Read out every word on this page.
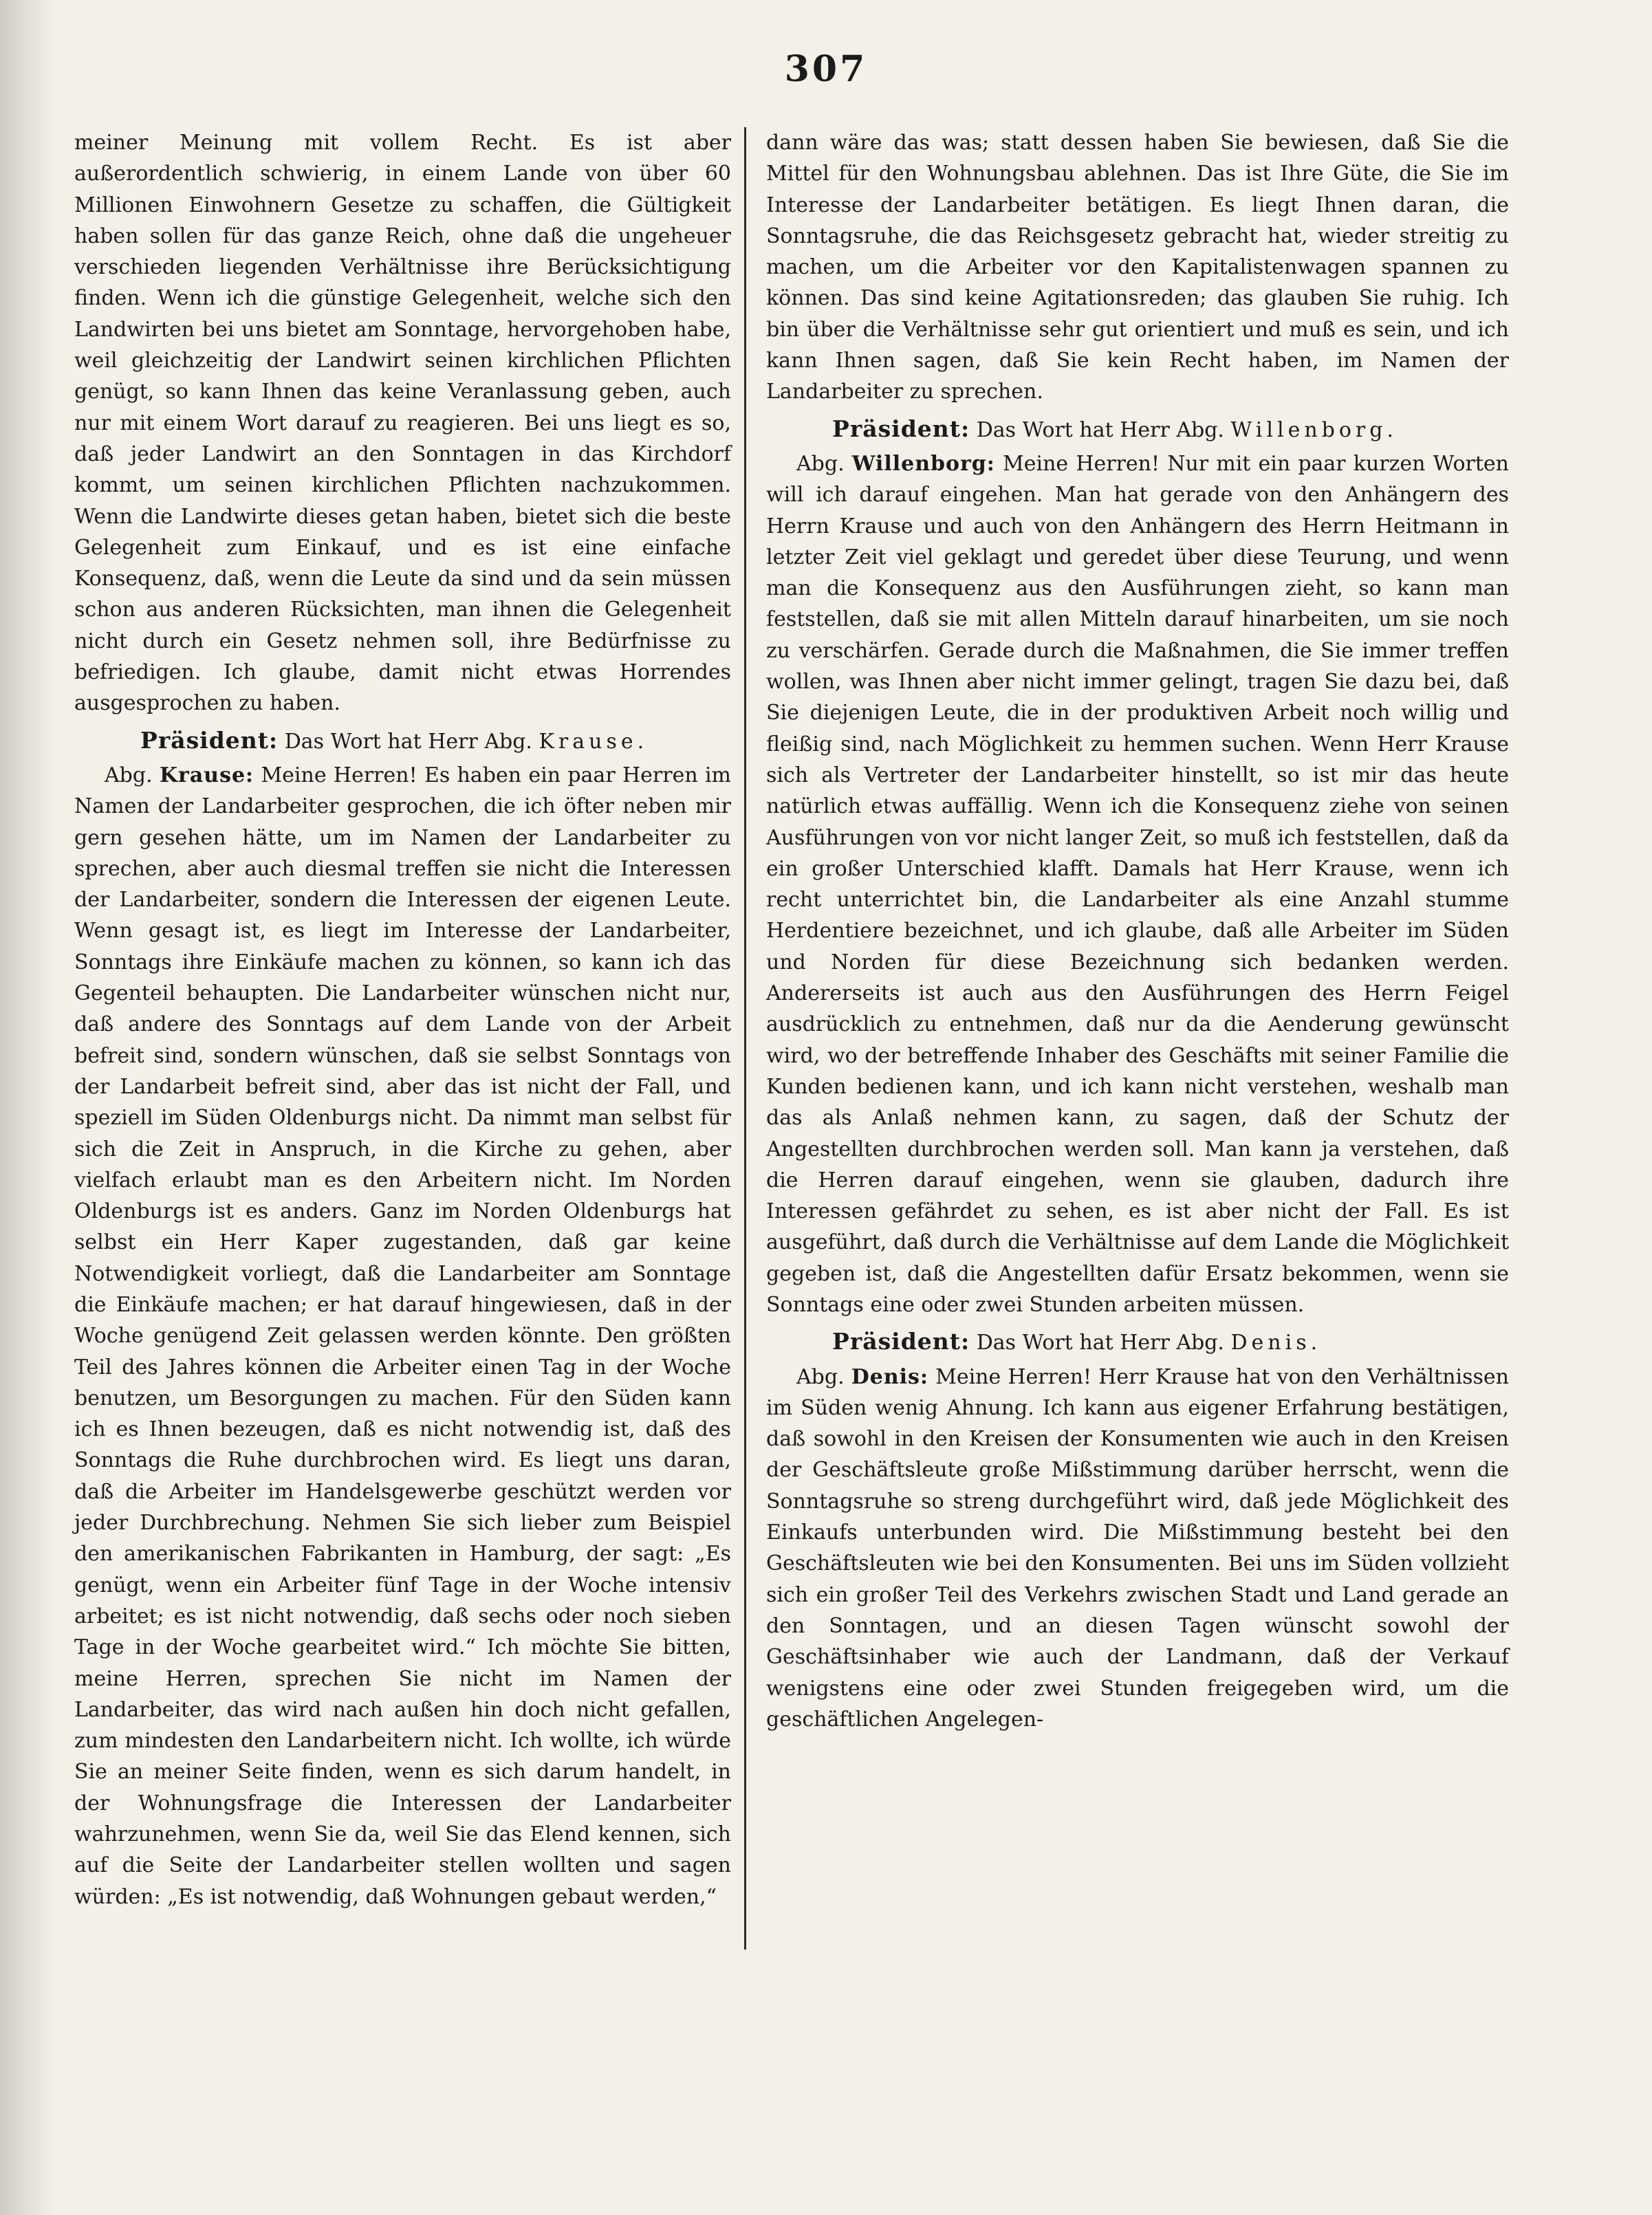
307

meiner Meinung mit vollem Recht. Es ist aber außerordentlich schwierig, in einem Lande von über 60 Millionen Einwohnern Gesetze zu schaffen, die Gültigkeit haben sollen für das ganze Reich, ohne daß die ungeheuer verschieden liegenden Verhältnisse ihre Berücksichtigung finden. Wenn ich die günstige Gelegenheit, welche sich den Landwirten bei uns bietet am Sonntage, hervorgehoben habe, weil gleichzeitig der Landwirt seinen kirchlichen Pflichten genügt, so kann Ihnen das keine Veranlassung geben, auch nur mit einem Wort darauf zu reagieren. Bei uns liegt es so, daß jeder Landwirt an den Sonntagen in das Kirchdorf kommt, um seinen kirchlichen Pflichten nachzukommen. Wenn die Landwirte dieses getan haben, bietet sich die beste Gelegenheit zum Einkauf, und es ist eine einfache Konsequenz, daß, wenn die Leute da sind und da sein müssen schon aus anderen Rücksichten, man ihnen die Gelegenheit nicht durch ein Gesetz nehmen soll, ihre Bedürfnisse zu befriedigen. Ich glaube, damit nicht etwas Horrendes ausgesprochen zu haben.

Präsident: Das Wort hat Herr Abg. Krause.

Abg. Krause: Meine Herren! Es haben ein paar Herren im Namen der Landarbeiter gesprochen, die ich öfter neben mir gern gesehen hätte, um im Namen der Landarbeiter zu sprechen, aber auch diesmal treffen sie nicht die Interessen der Landarbeiter, sondern die Interessen der eigenen Leute. Wenn gesagt ist, es liegt im Interesse der Landarbeiter, Sonntags ihre Einkäufe machen zu können, so kann ich das Gegenteil behaupten. Die Landarbeiter wünschen nicht nur, daß andere des Sonntags auf dem Lande von der Arbeit befreit sind, sondern wünschen, daß sie selbst Sonntags von der Landarbeit befreit sind, aber das ist nicht der Fall, und speziell im Süden Oldenburgs nicht. Da nimmt man selbst für sich die Zeit in Anspruch, in die Kirche zu gehen, aber vielfach erlaubt man es den Arbeitern nicht. Im Norden Oldenburgs ist es anders. Ganz im Norden Oldenburgs hat selbst ein Herr Kaper zugestanden, daß gar keine Notwendigkeit vorliegt, daß die Landarbeiter am Sonntage die Einkäufe machen; er hat darauf hingewiesen, daß in der Woche genügend Zeit gelassen werden könnte. Den größten Teil des Jahres können die Arbeiter einen Tag in der Woche benutzen, um Besorgungen zu machen. Für den Süden kann ich es Ihnen bezeugen, daß es nicht notwendig ist, daß des Sonntags die Ruhe durchbrochen wird. Es liegt uns daran, daß die Arbeiter im Handelsgewerbe geschützt werden vor jeder Durchbrechung. Nehmen Sie sich lieber zum Beispiel den amerikanischen Fabrikanten in Hamburg, der sagt: „Es genügt, wenn ein Arbeiter fünf Tage in der Woche intensiv arbeitet; es ist nicht notwendig, daß sechs oder noch sieben Tage in der Woche gearbeitet wird.“ Ich möchte Sie bitten, meine Herren, sprechen Sie nicht im Namen der Landarbeiter, das wird nach außen hin doch nicht gefallen, zum mindesten den Landarbeitern nicht. Ich wollte, ich würde Sie an meiner Seite finden, wenn es sich darum handelt, in der Wohnungsfrage die Interessen der Landarbeiter wahrzunehmen, wenn Sie da, weil Sie das Elend kennen, sich auf die Seite der Landarbeiter stellen wollten und sagen würden: „Es ist notwendig, daß Wohnungen gebaut werden,“

dann wäre das was; statt dessen haben Sie bewiesen, daß Sie die Mittel für den Wohnungsbau ablehnen. Das ist Ihre Güte, die Sie im Interesse der Landarbeiter betätigen. Es liegt Ihnen daran, die Sonntagsruhe, die das Reichsgesetz gebracht hat, wieder streitig zu machen, um die Arbeiter vor den Kapitalistenwagen spannen zu können. Das sind keine Agitationsreden; das glauben Sie ruhig. Ich bin über die Verhältnisse sehr gut orientiert und muß es sein, und ich kann Ihnen sagen, daß Sie kein Recht haben, im Namen der Landarbeiter zu sprechen.

Präsident: Das Wort hat Herr Abg. Willenborg.

Abg. Willenborg: Meine Herren! Nur mit ein paar kurzen Worten will ich darauf eingehen. Man hat gerade von den Anhängern des Herrn Krause und auch von den Anhängern des Herrn Heitmann in letzter Zeit viel geklagt und geredet über diese Teurung, und wenn man die Konsequenz aus den Ausführungen zieht, so kann man feststellen, daß sie mit allen Mitteln darauf hinarbeiten, um sie noch zu verschärfen. Gerade durch die Maßnahmen, die Sie immer treffen wollen, was Ihnen aber nicht immer gelingt, tragen Sie dazu bei, daß Sie diejenigen Leute, die in der produktiven Arbeit noch willig und fleißig sind, nach Möglichkeit zu hemmen suchen. Wenn Herr Krause sich als Vertreter der Landarbeiter hinstellt, so ist mir das heute natürlich etwas auffällig. Wenn ich die Konsequenz ziehe von seinen Ausführungen von vor nicht langer Zeit, so muß ich feststellen, daß da ein großer Unterschied klafft. Damals hat Herr Krause, wenn ich recht unterrichtet bin, die Landarbeiter als eine Anzahl stumme Herdentiere bezeichnet, und ich glaube, daß alle Arbeiter im Süden und Norden für diese Bezeichnung sich bedanken werden. Andererseits ist auch aus den Ausführungen des Herrn Feigel ausdrücklich zu entnehmen, daß nur da die Aenderung gewünscht wird, wo der betreffende Inhaber des Geschäfts mit seiner Familie die Kunden bedienen kann, und ich kann nicht verstehen, weshalb man das als Anlaß nehmen kann, zu sagen, daß der Schutz der Angestellten durchbrochen werden soll. Man kann ja verstehen, daß die Herren darauf eingehen, wenn sie glauben, dadurch ihre Interessen gefährdet zu sehen, es ist aber nicht der Fall. Es ist ausgeführt, daß durch die Verhältnisse auf dem Lande die Möglichkeit gegeben ist, daß die Angestellten dafür Ersatz bekommen, wenn sie Sonntags eine oder zwei Stunden arbeiten müssen.

Präsident: Das Wort hat Herr Abg. Denis.

Abg. Denis: Meine Herren! Herr Krause hat von den Verhältnissen im Süden wenig Ahnung. Ich kann aus eigener Erfahrung bestätigen, daß sowohl in den Kreisen der Konsumenten wie auch in den Kreisen der Geschäftsleute große Mißstimmung darüber herrscht, wenn die Sonntagsruhe so streng durchgeführt wird, daß jede Möglichkeit des Einkaufs unterbunden wird. Die Mißstimmung besteht bei den Geschäftsleuten wie bei den Konsumenten. Bei uns im Süden vollzieht sich ein großer Teil des Verkehrs zwischen Stadt und Land gerade an den Sonntagen, und an diesen Tagen wünscht sowohl der Geschäftsinhaber wie auch der Landmann, daß der Verkauf wenigstens eine oder zwei Stunden freigegeben wird, um die geschäftlichen Angelegen-
